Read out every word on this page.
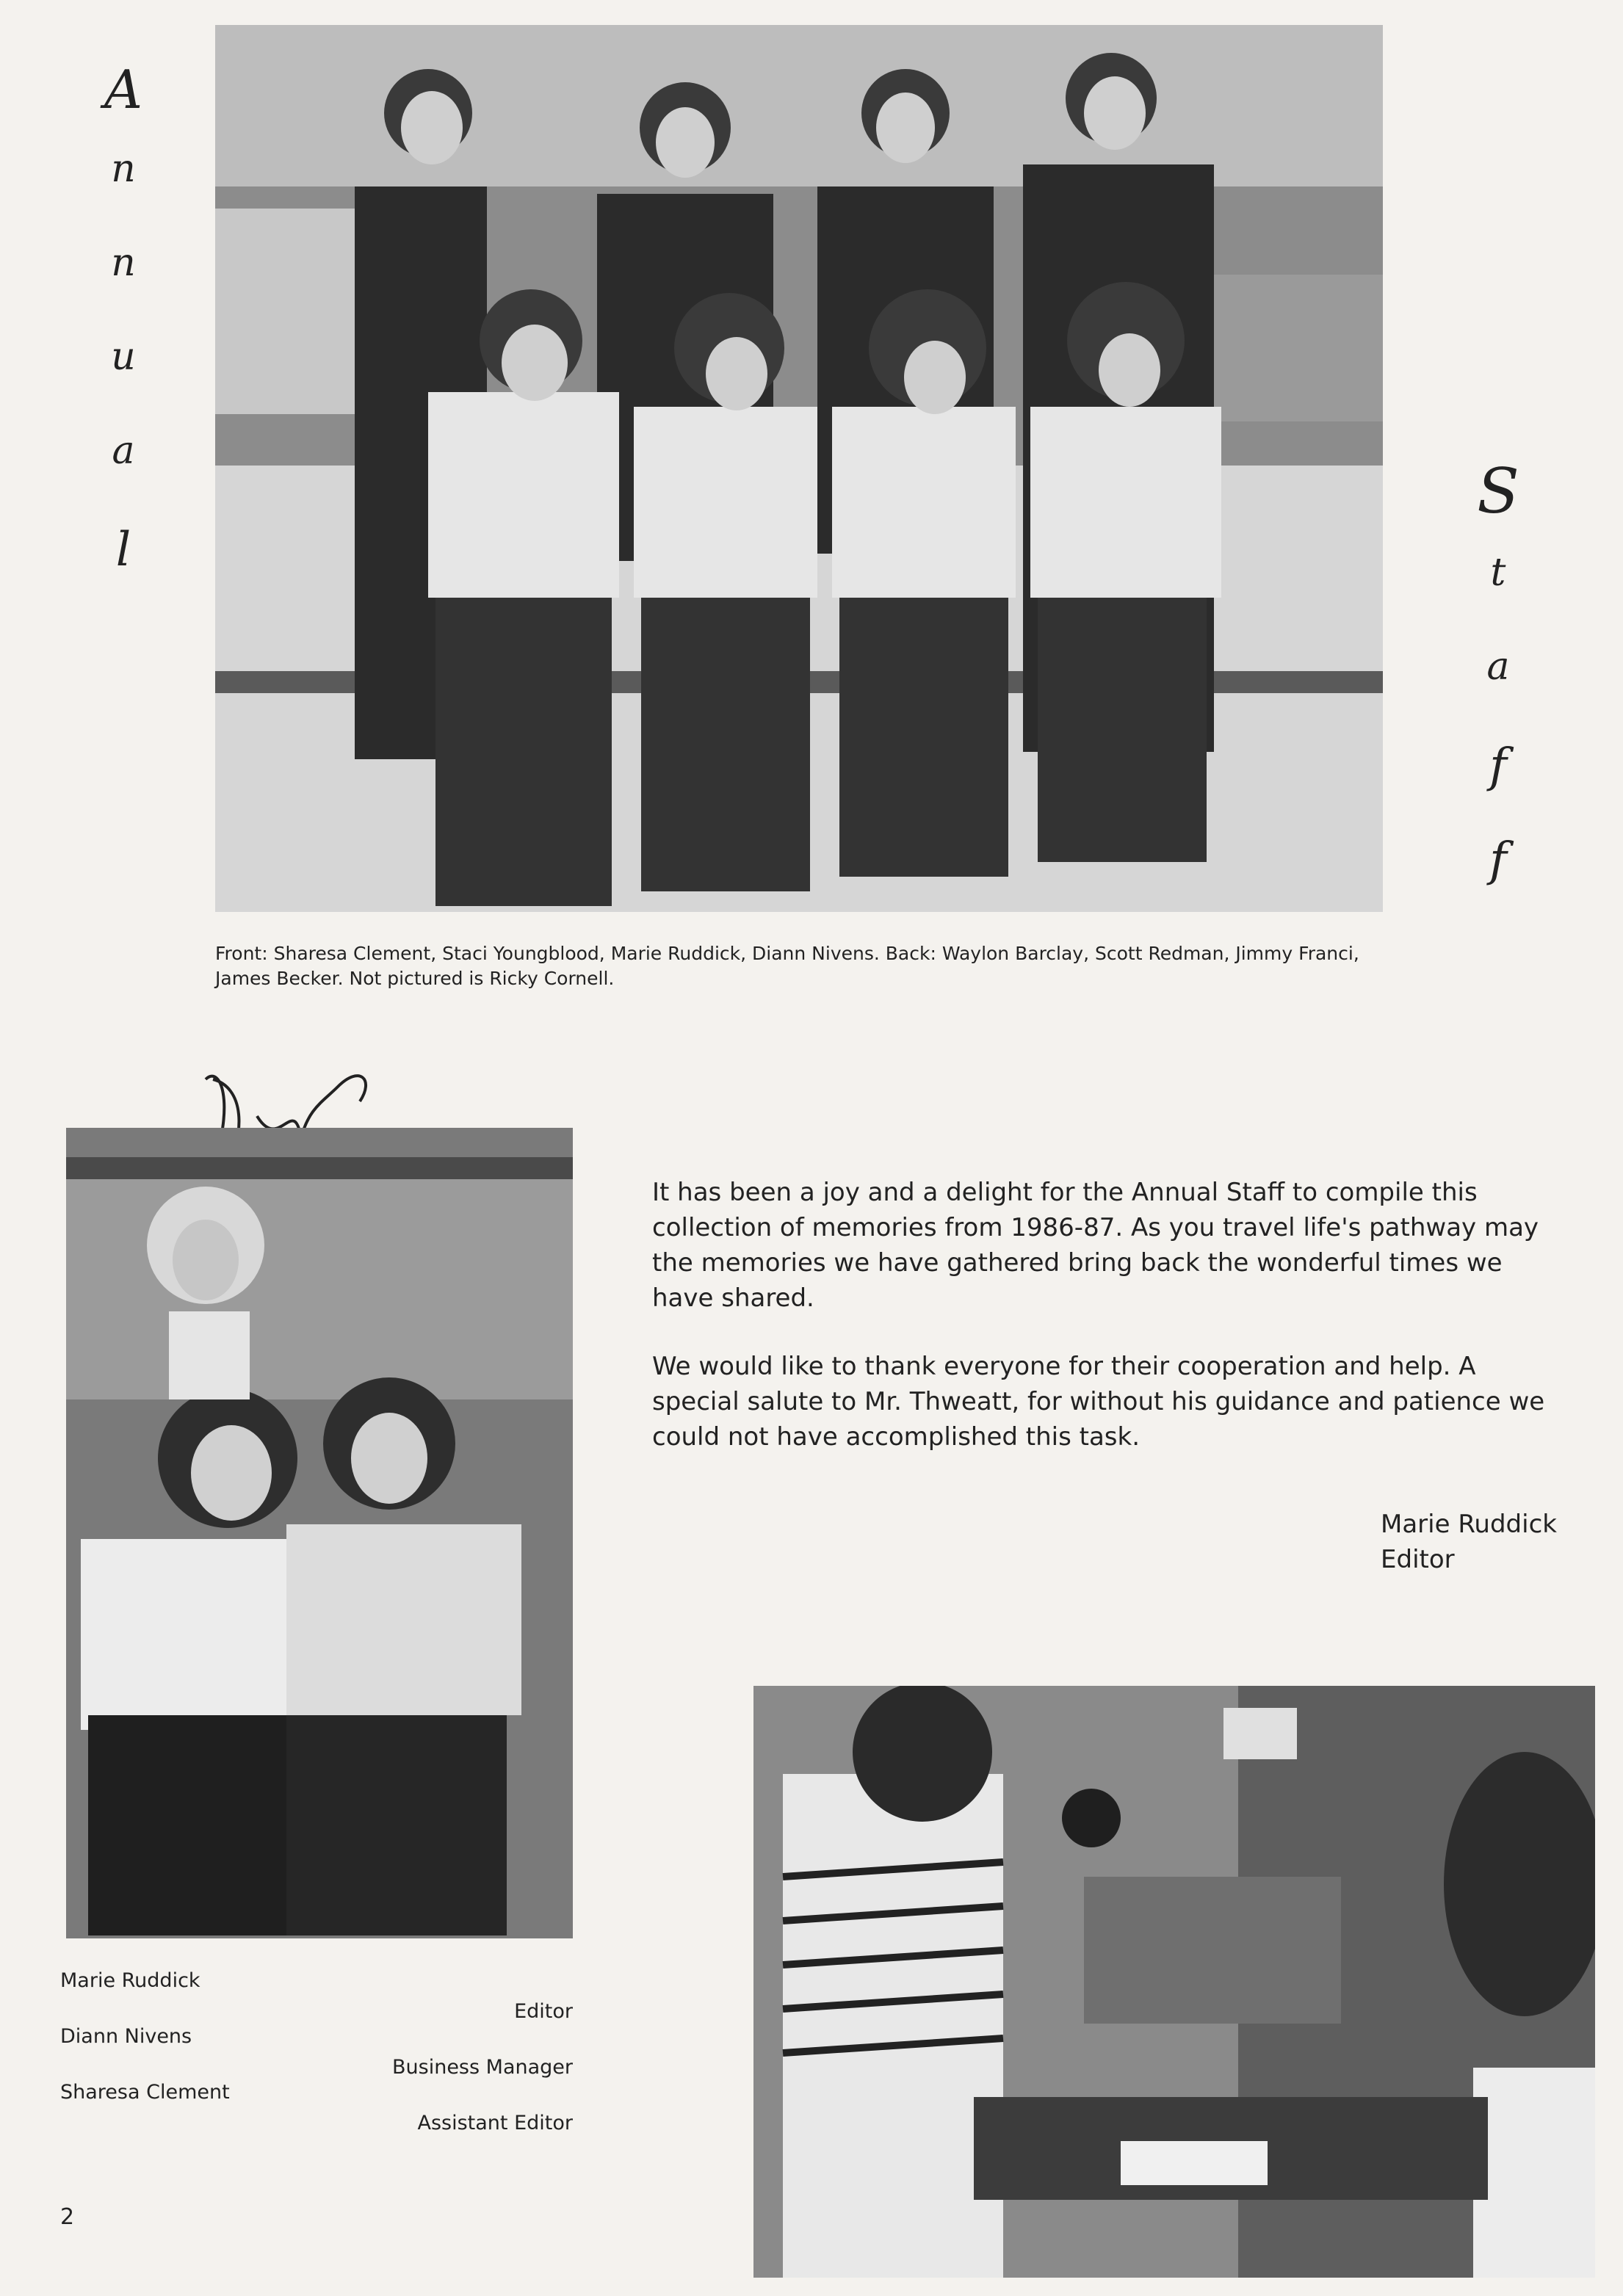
A
n
n
u
a
l
S
t
a
f
f
Front: Sharesa Clement, Staci Youngblood, Marie Ruddick, Diann Nivens. Back: Waylon Barclay, Scott Redman, Jimmy Franci, James Becker. Not pictured is Ricky Cornell.
Diann

It has been a joy and a delight for the Annual Staff to compile this collection of memories from 1986-87. As you travel life's pathway may the memories we have gathered bring back the wonderful times we have shared.

We would like to thank everyone for their cooperation and help. A special salute to Mr. Thweatt, for without his guidance and patience we could not have accomplished this task.

Marie Ruddick
Editor
Marie Ruddick
Diann Nivens
Sharesa Clement
Editor
Business Manager
Assistant Editor
2
